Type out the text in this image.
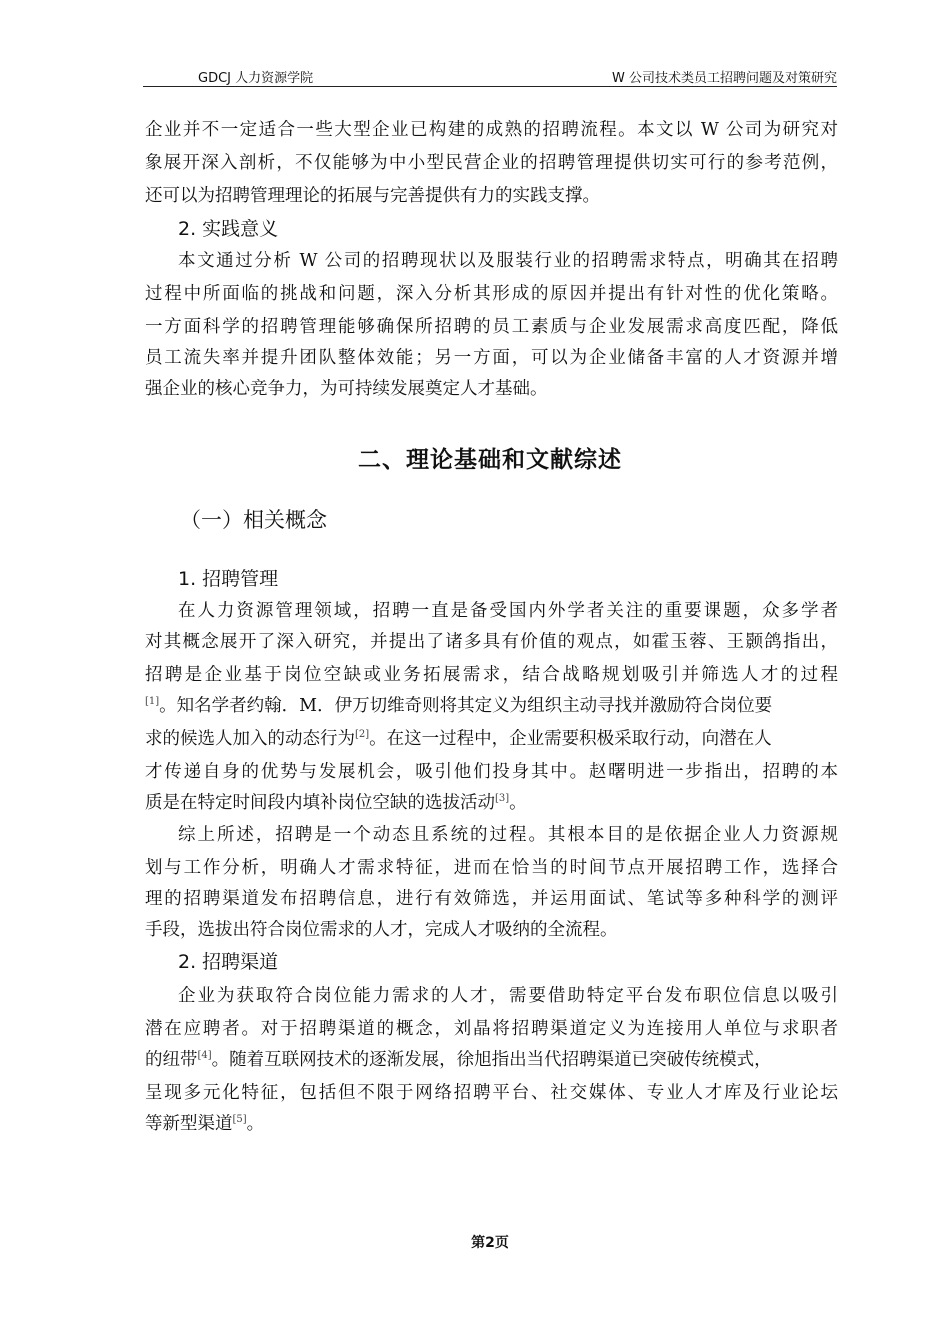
GDCJ 人力资源学院	W 公司技术类员工招聘问题及对策研究
企业并不一定适合一些大型企业已构建的成熟的招聘流程。本文以 W 公司为研究对
象展开深入剖析，不仅能够为中小型民营企业的招聘管理提供切实可行的参考范例，
还可以为招聘管理理论的拓展与完善提供有力的实践支撑。
2. 实践意义
本文通过分析 W 公司的招聘现状以及服装行业的招聘需求特点，明确其在招聘
过程中所面临的挑战和问题，深入分析其形成的原因并提出有针对性的优化策略。
一方面科学的招聘管理能够确保所招聘的员工素质与企业发展需求高度匹配，降低
员工流失率并提升团队整体效能；另一方面，可以为企业储备丰富的人才资源并增
强企业的核心竞争力，为可持续发展奠定人才基础。
二、理论基础和文献综述
（一）相关概念
1. 招聘管理
在人力资源管理领域，招聘一直是备受国内外学者关注的重要课题，众多学者
对其概念展开了深入研究，并提出了诸多具有价值的观点，如霍玉蓉、王颢鸽指出，
招聘是企业基于岗位空缺或业务拓展需求，结合战略规划吸引并筛选人才的过程
[1]。知名学者约翰．M．伊万切维奇则将其定义为组织主动寻找并激励符合岗位要
求的候选人加入的动态行为[2]。在这一过程中，企业需要积极采取行动，向潜在人
才传递自身的优势与发展机会，吸引他们投身其中。赵曙明进一步指出，招聘的本
质是在特定时间段内填补岗位空缺的选拔活动[3]。
综上所述，招聘是一个动态且系统的过程。其根本目的是依据企业人力资源规
划与工作分析，明确人才需求特征，进而在恰当的时间节点开展招聘工作，选择合
理的招聘渠道发布招聘信息，进行有效筛选，并运用面试、笔试等多种科学的测评
手段，选拔出符合岗位需求的人才，完成人才吸纳的全流程。
2. 招聘渠道
企业为获取符合岗位能力需求的人才，需要借助特定平台发布职位信息以吸引
潜在应聘者。对于招聘渠道的概念，刘晶将招聘渠道定义为连接用人单位与求职者
的纽带[4]。随着互联网技术的逐渐发展，徐旭指出当代招聘渠道已突破传统模式，
呈现多元化特征，包括但不限于网络招聘平台、社交媒体、专业人才库及行业论坛
等新型渠道[5]。
第2页
